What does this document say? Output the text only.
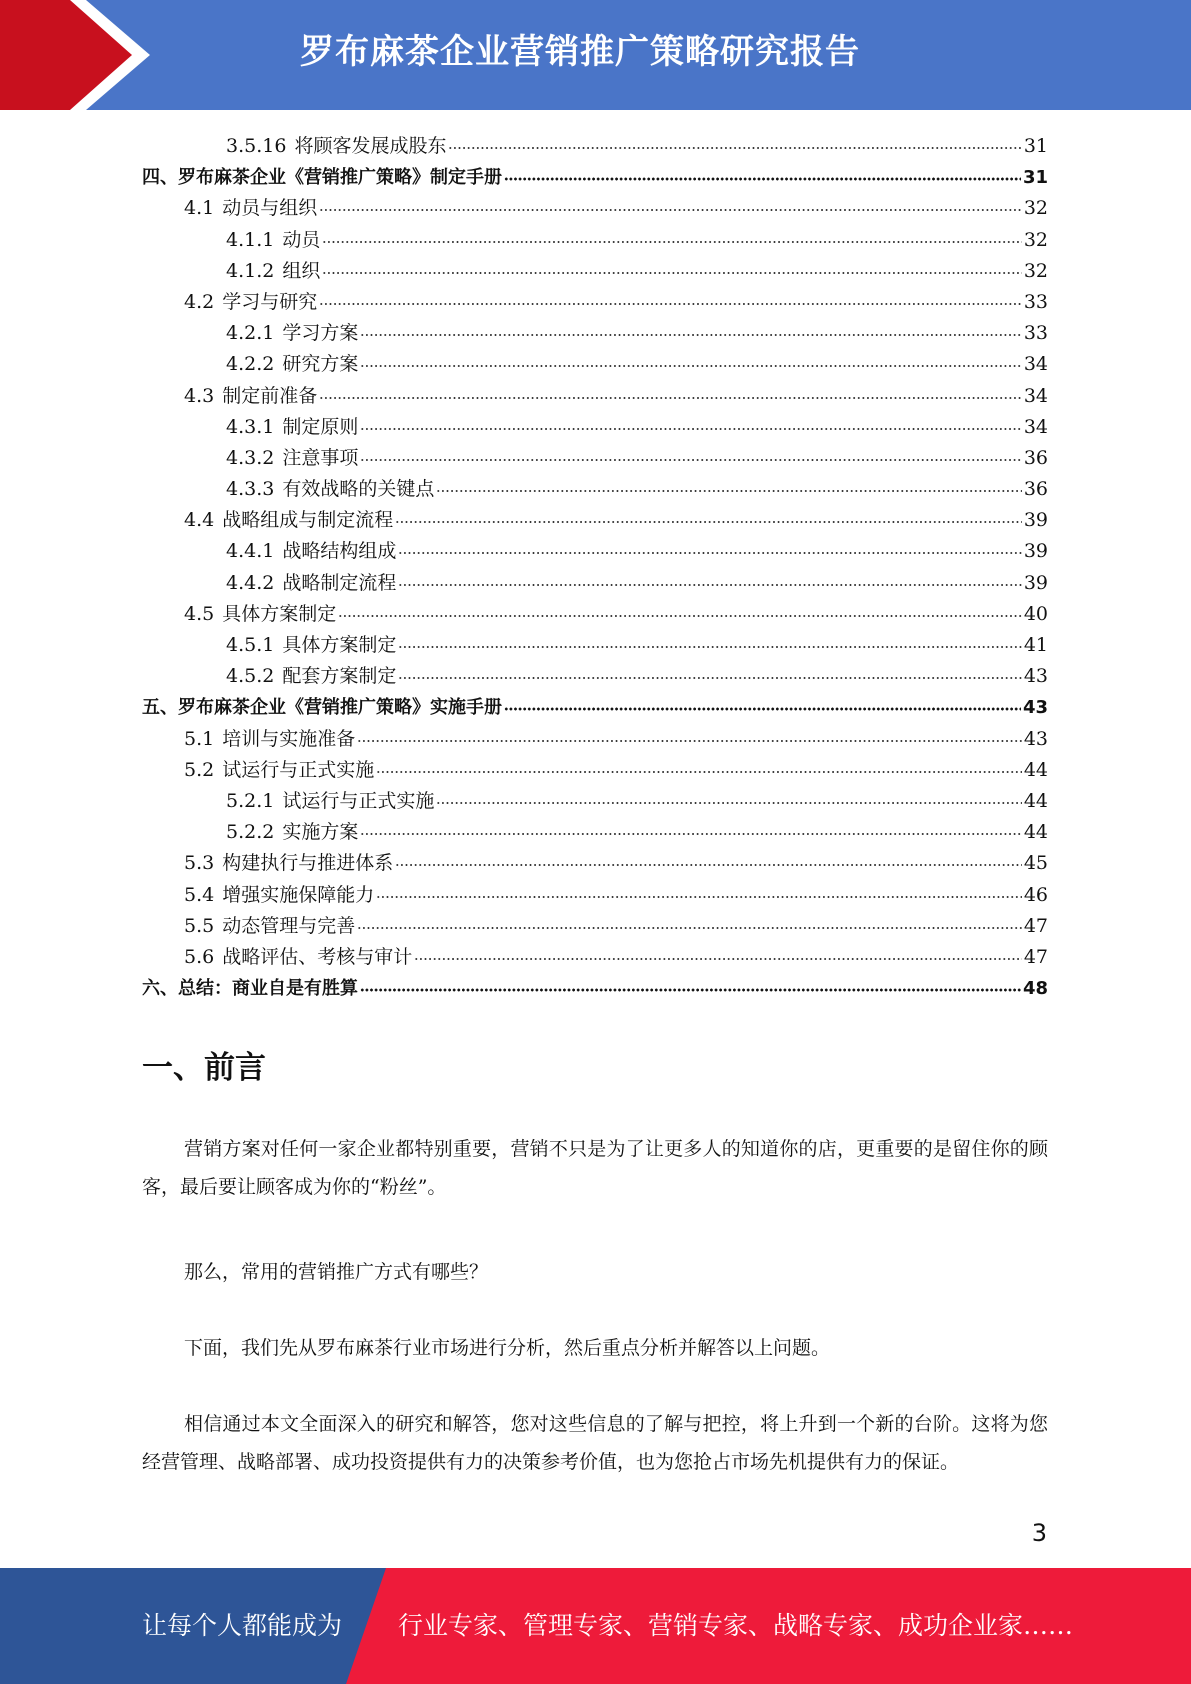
罗布麻茶企业营销推广策略研究报告
3.5.16 将顾客发展成股东	31
四、罗布麻茶企业《营销推广策略》制定手册	31
4.1 动员与组织	32
4.1.1 动员	32
4.1.2 组织	32
4.2 学习与研究	33
4.2.1 学习方案	33
4.2.2 研究方案	34
4.3 制定前准备	34
4.3.1 制定原则	34
4.3.2 注意事项	36
4.3.3 有效战略的关键点	36
4.4 战略组成与制定流程	39
4.4.1 战略结构组成	39
4.4.2 战略制定流程	39
4.5 具体方案制定	40
4.5.1 具体方案制定	41
4.5.2 配套方案制定	43
五、罗布麻茶企业《营销推广策略》实施手册	43
5.1 培训与实施准备	43
5.2 试运行与正式实施	44
5.2.1 试运行与正式实施	44
5.2.2 实施方案	44
5.3 构建执行与推进体系	45
5.4 增强实施保障能力	46
5.5 动态管理与完善	47
5.6 战略评估、考核与审计	47
六、总结：商业自是有胜算	48
一、前言

营销方案对任何一家企业都特别重要，营销不只是为了让更多人的知道你的店，更重要的是留住你的顾客，最后要让顾客成为你的“粉丝”。

那么，常用的营销推广方式有哪些？

下面，我们先从罗布麻茶行业市场进行分析，然后重点分析并解答以上问题。

相信通过本文全面深入的研究和解答，您对这些信息的了解与把控，将上升到一个新的台阶。这将为您经营管理、战略部署、成功投资提供有力的决策参考价值，也为您抢占市场先机提供有力的保证。

3
让每个人都能成为 行业专家、管理专家、营销专家、战略专家、成功企业家……
